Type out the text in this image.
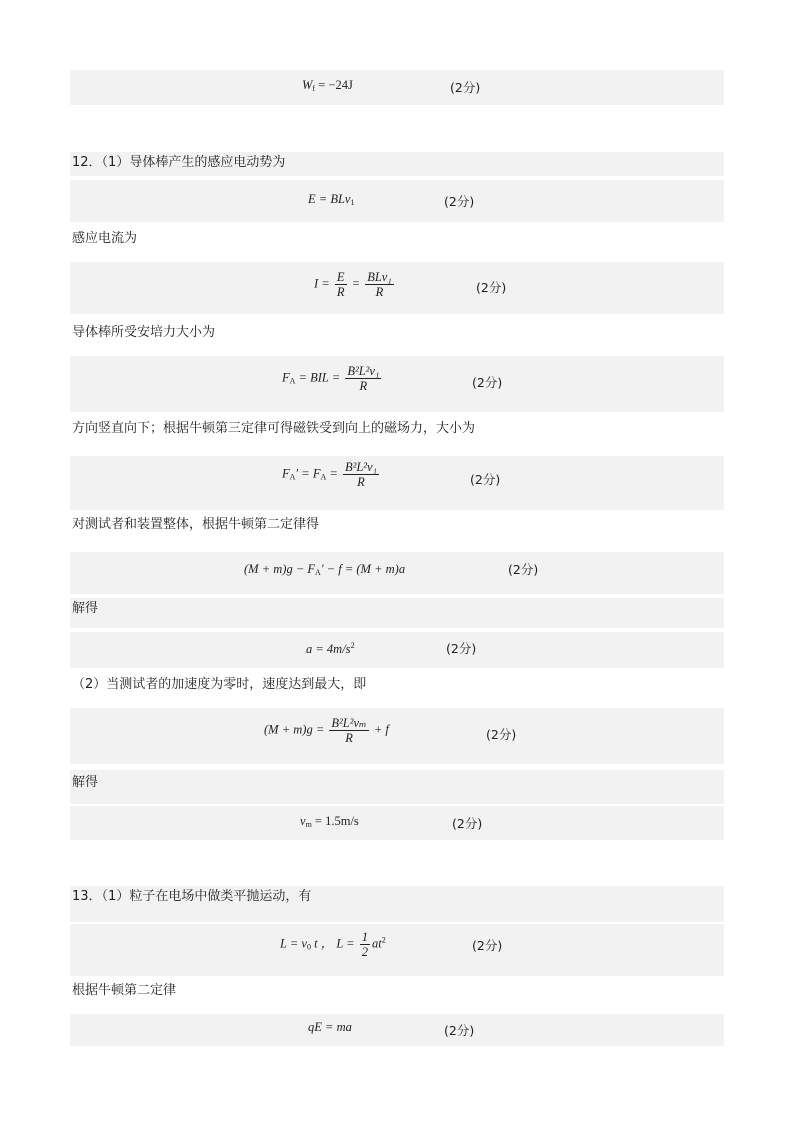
$W_f = -24J$	(2分)
12．（1）导体棒产生的感应电动势为
E = BLv$_1$	(2分)
感应电流为
$I = \frac{E}{R} = \frac{\text{BLv₁}}{R}$	(2分)
导体棒所受安培力大小为
$F_A$ = BIL = $\frac{\text{B²L²v₁}}{R}$	(2分)
方向竖直向下；根据牛顿第三定律可得磁铁受到向上的磁场力，大小为
$F_A' = F_A = \frac{\text{B²L²v₁}}{R}$	(2分)
对测试者和装置整体，根据牛顿第二定律得
$(M + m)g - F_A' - f = (M + m)a$	(2分)
解得
$a = 4m/s^2$	(2分)
（2）当测试者的加速度为零时，速度达到最大，即
$(M + m)g = \frac{\text{B²L²vₘ}}{R} + f$	(2分)
解得
$v_m = 1.5m/s$	(2分)
13．（1）粒子在电场中做类平抛运动，有
$L = v_0$ t ， $L = \frac{1}{2} at^2$	(2分)
根据牛顿第二定律
qE = ma	(2分)
